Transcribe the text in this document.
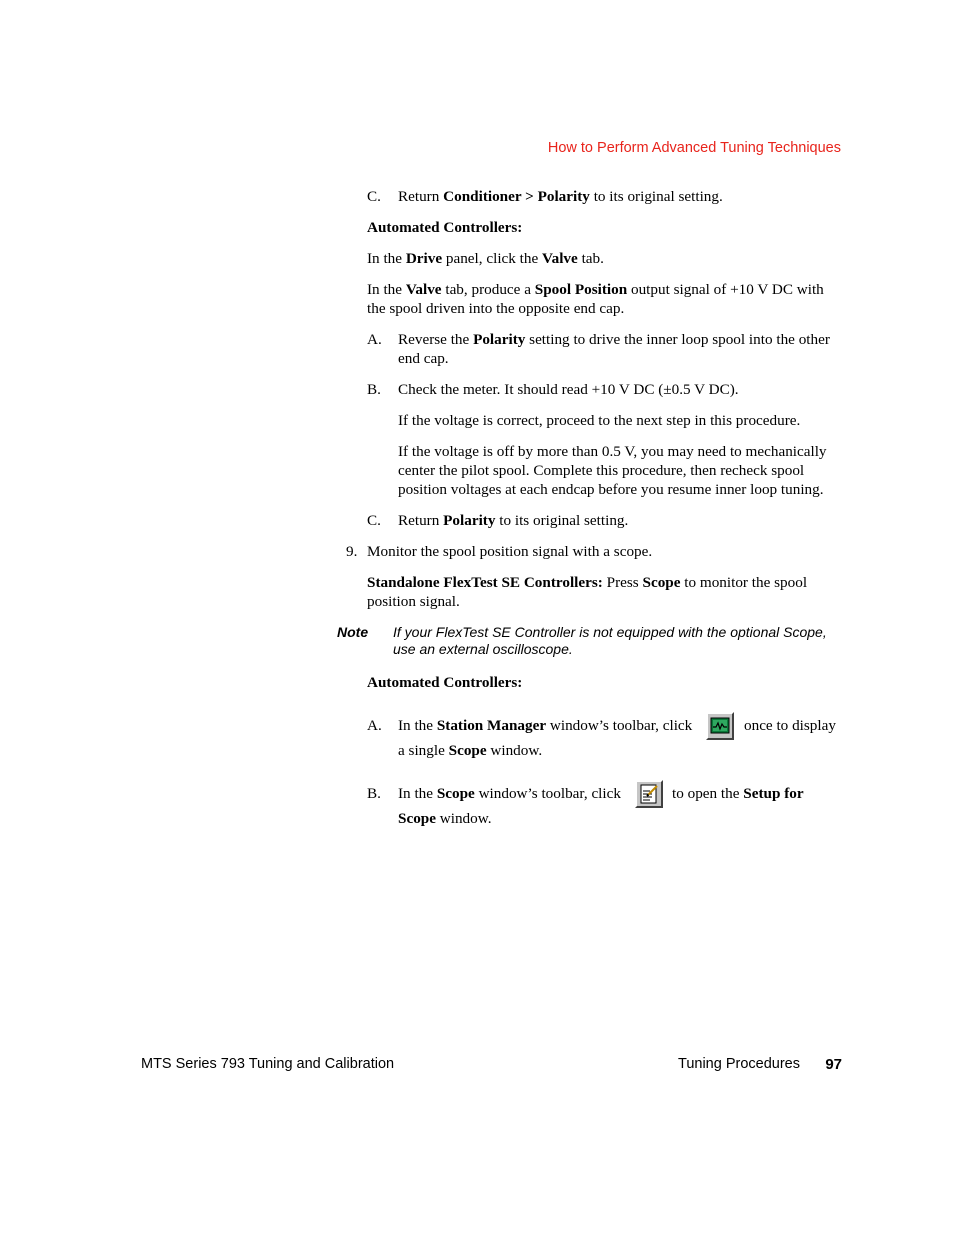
How to Perform Advanced Tuning Techniques
C. Return Conditioner > Polarity to its original setting.
Automated Controllers:
In the Drive panel, click the Valve tab.
In the Valve tab, produce a Spool Position output signal of +10 V DC with the spool driven into the opposite end cap.
A. Reverse the Polarity setting to drive the inner loop spool into the other end cap.
B. Check the meter. It should read +10 V DC (±0.5 V DC).
If the voltage is correct, proceed to the next step in this procedure.
If the voltage is off by more than 0.5 V, you may need to mechanically center the pilot spool. Complete this procedure, then recheck spool position voltages at each endcap before you resume inner loop tuning.
C. Return Polarity to its original setting.
9. Monitor the spool position signal with a scope.
Standalone FlexTest SE Controllers: Press Scope to monitor the spool position signal.
Note If your FlexTest SE Controller is not equipped with the optional Scope, use an external oscilloscope.
Automated Controllers:
A. In the Station Manager window’s toolbar, click	once to display
a single Scope window.
B. In the Scope window’s toolbar, click	to open the Setup for
Scope window.
MTS Series 793 Tuning and Calibration	Tuning Procedures 97
